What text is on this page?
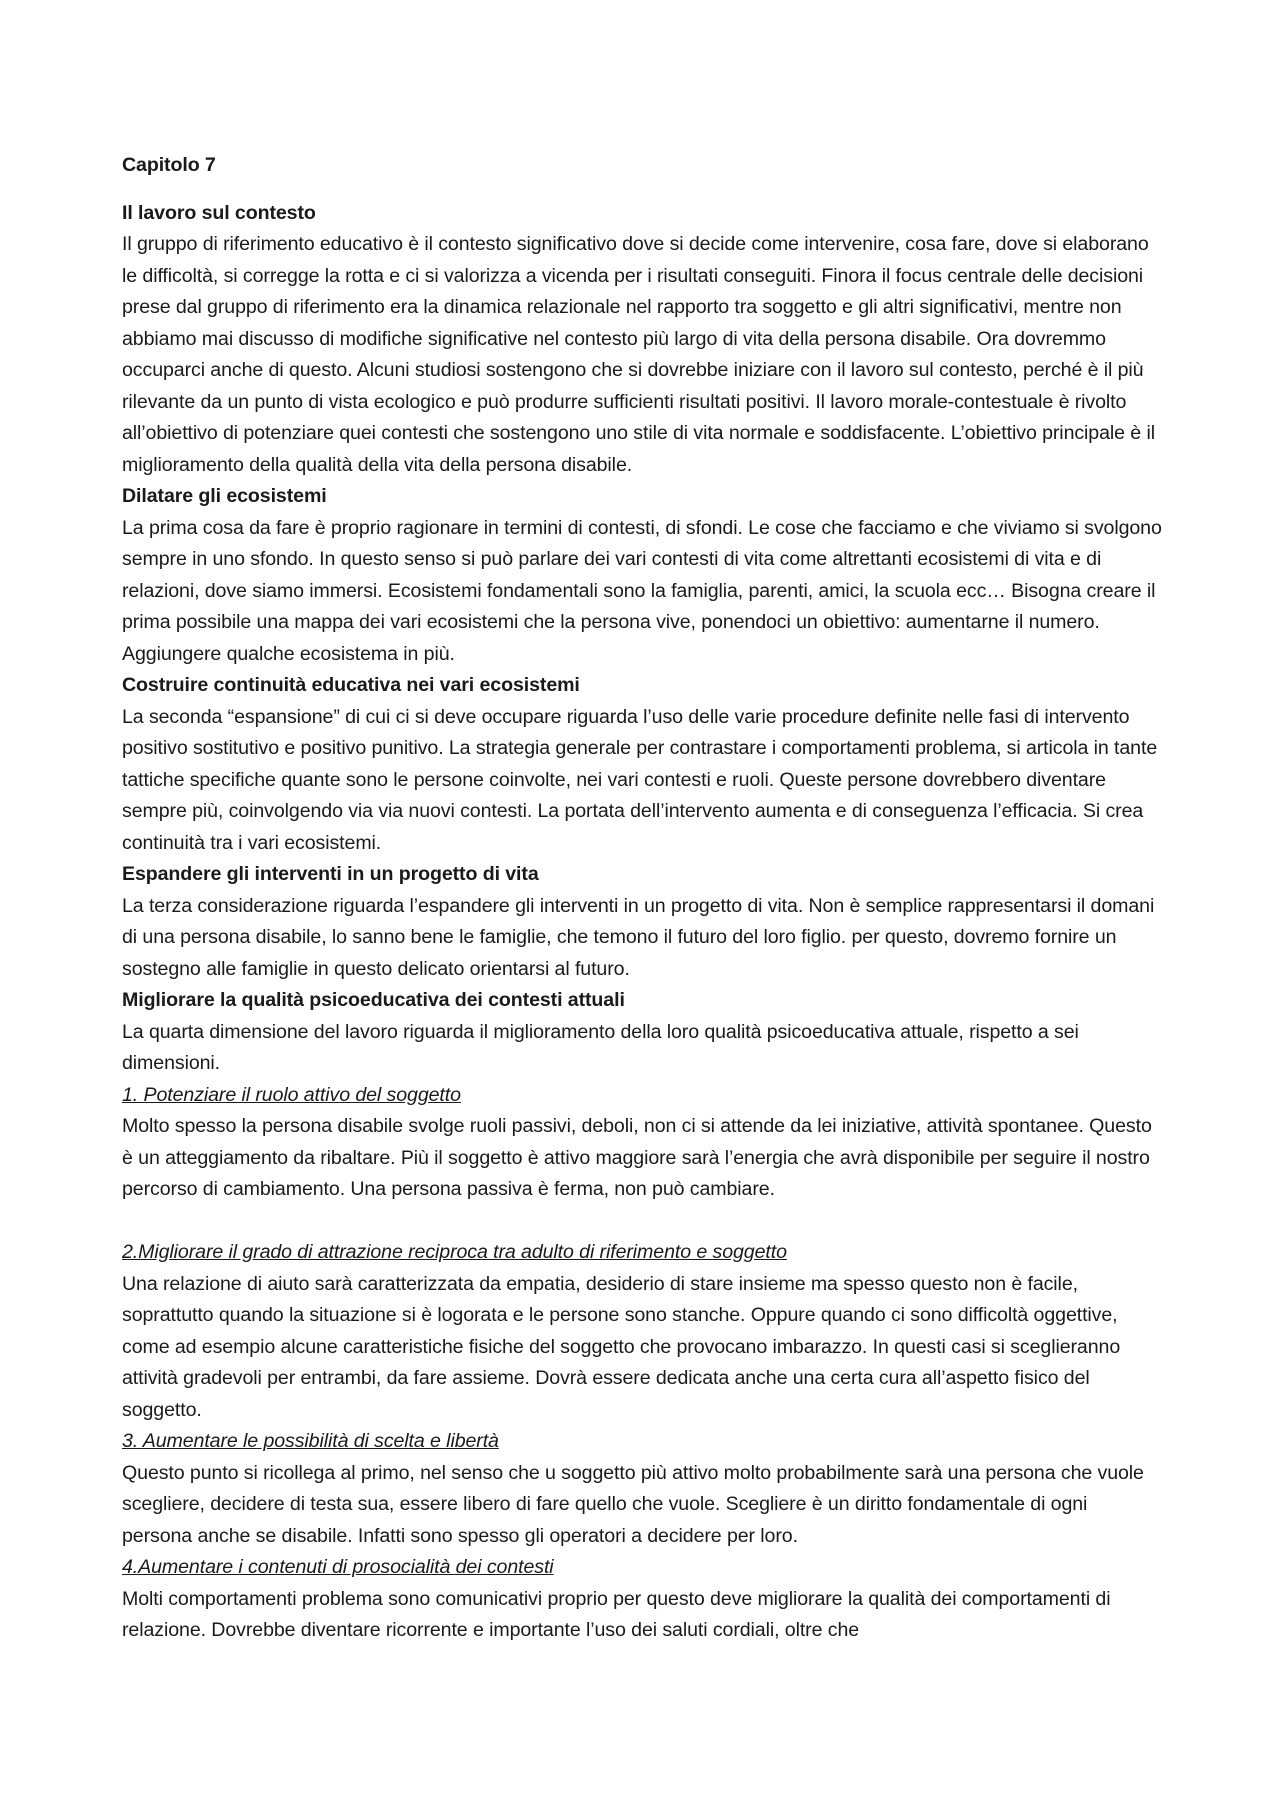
Capitolo 7

Il lavoro sul contesto

Il gruppo di riferimento educativo è il contesto significativo dove si decide come intervenire, cosa fare, dove si elaborano le difficoltà, si corregge la rotta e ci si valorizza a vicenda per i risultati conseguiti. Finora il focus centrale delle decisioni prese dal gruppo di riferimento era la dinamica relazionale nel rapporto tra soggetto e gli altri significativi, mentre non abbiamo mai discusso di modifiche significative nel contesto più largo di vita della persona disabile. Ora dovremmo occuparci anche di questo. Alcuni studiosi sostengono che si dovrebbe iniziare con il lavoro sul contesto, perché è il più rilevante da un punto di vista ecologico e può produrre sufficienti risultati positivi. Il lavoro morale-contestuale è rivolto all’obiettivo di potenziare quei contesti che sostengono uno stile di vita normale e soddisfacente. L’obiettivo principale è il miglioramento della qualità della vita della persona disabile.

Dilatare gli ecosistemi

La prima cosa da fare è proprio ragionare in termini di contesti, di sfondi. Le cose che facciamo e che viviamo si svolgono sempre in uno sfondo. In questo senso si può parlare dei vari contesti di vita come altrettanti ecosistemi di vita e di relazioni, dove siamo immersi. Ecosistemi fondamentali sono la famiglia, parenti, amici, la scuola ecc… Bisogna creare il prima possibile una mappa dei vari ecosistemi che la persona vive, ponendoci un obiettivo: aumentarne il numero. Aggiungere qualche ecosistema in più.

Costruire continuità educativa nei vari ecosistemi

La seconda “espansione” di cui ci si deve occupare riguarda l’uso delle varie procedure definite nelle fasi di intervento positivo sostitutivo e positivo punitivo. La strategia generale per contrastare i comportamenti problema, si articola in tante tattiche specifiche quante sono le persone coinvolte, nei vari contesti e ruoli. Queste persone dovrebbero diventare sempre più, coinvolgendo via via nuovi contesti. La portata dell’intervento aumenta e di conseguenza l’efficacia. Si crea continuità tra i vari ecosistemi.

Espandere gli interventi in un progetto di vita

La terza considerazione riguarda l’espandere gli interventi in un progetto di vita. Non è semplice rappresentarsi il domani di una persona disabile, lo sanno bene le famiglie, che temono il futuro del loro figlio. per questo, dovremo fornire un sostegno alle famiglie in questo delicato orientarsi al futuro.

Migliorare la qualità psicoeducativa dei contesti attuali

La quarta dimensione del lavoro riguarda il miglioramento della loro qualità psicoeducativa attuale, rispetto a sei dimensioni.

1. Potenziare il ruolo attivo del soggetto

Molto spesso la persona disabile svolge ruoli passivi, deboli, non ci si attende da lei iniziative, attività spontanee. Questo è un atteggiamento da ribaltare. Più il soggetto è attivo maggiore sarà l’energia che avrà disponibile per seguire il nostro percorso di cambiamento. Una persona passiva è ferma, non può cambiare.

2.Migliorare il grado di attrazione reciproca tra adulto di riferimento e soggetto

Una relazione di aiuto sarà caratterizzata da empatia, desiderio di stare insieme ma spesso questo non è facile, soprattutto quando la situazione si è logorata e le persone sono stanche. Oppure quando ci sono difficoltà oggettive, come ad esempio alcune caratteristiche fisiche del soggetto che provocano imbarazzo. In questi casi si sceglieranno attività gradevoli per entrambi, da fare assieme. Dovrà essere dedicata anche una certa cura all’aspetto fisico del soggetto.

3. Aumentare le possibilità di scelta e libertà

Questo punto si ricollega al primo, nel senso che u soggetto più attivo molto probabilmente sarà una persona che vuole scegliere, decidere di testa sua, essere libero di fare quello che vuole. Scegliere è un diritto fondamentale di ogni persona anche se disabile. Infatti sono spesso gli operatori a decidere per loro.

4.Aumentare i contenuti di prosocialità dei contesti

Molti comportamenti problema sono comunicativi proprio per questo deve migliorare la qualità dei comportamenti di relazione. Dovrebbe diventare ricorrente e importante l’uso dei saluti cordiali, oltre che
